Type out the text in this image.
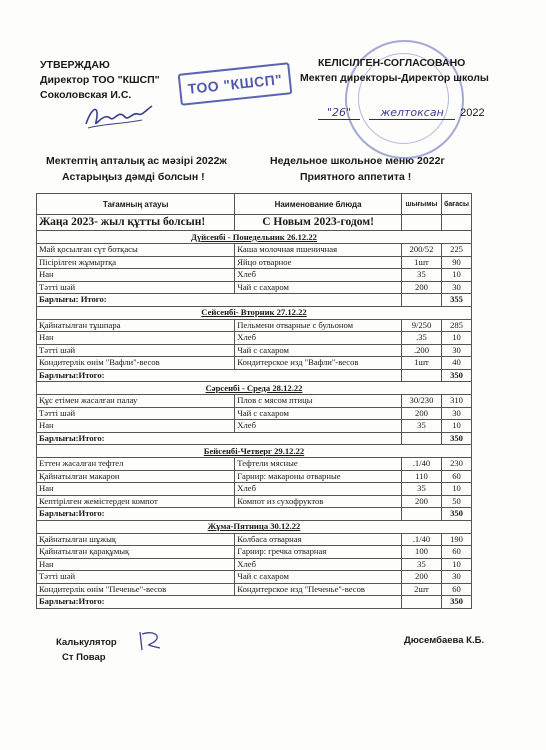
УТВЕРЖДАЮ
Директор ТОО "КШСП"
Соколовская И.С.	ТОО "КШСП"
КЕЛІСІЛГЕН-СОГЛАСОВАНО
Мектеп директоры-Директор школы
"26"	желтоксан 2022
Мектептің апталық ас мәзірі 2022ж
Астарыңыз дәмді болсын !
Недельное школьное меню 2022г
Приятного аппетита !
Тағамның атауы	Наименование блюда	шығымы	бағасы
Жаңа 2023- жыл құтты болсын!	С Новым 2023-годом!		
Дүйсенбі - Понедельник 26.12.22			
Май қосылған сүт ботқасы	Каша молочная пшеничная	200/52	225
Пісірілген жұмыртқа	Яйцо отварное	1шт	90
Нан	Хлеб	35	10
Тәтті шәй	Чай с сахаром	200	30
Барлығы: Итого:			355
Сейсенбі- Вторник 27.12.22			
Қайнатылған тұшпара	Пельмени отварные с бульоном	9/250	285
Нан	Хлеб	.35	10
Тәтті шәй	Чай с сахаром	.200	30
Кондитерлік өнім "Вафли"-весов	Кондитерское изд "Вафли"-весов	1шт	40
Барлығы:Итого:			350
Сәрсенбі - Среда 28.12.22			
Құс етімен жасалған палау	Плов с мясом птицы	30/230	310
Тәтті шәй	Чай с сахаром	200	30
Нан	Хлеб	35	10
Барлығы:Итого:			350
Бейсенбі-Четверг 29.12.22			
Еттен жасалған тефтел	Тефтели мясные	.1/40	230
Қайнатылған макарон	Гарнир: макароны отварные	110	60
Нан	Хлеб	35	10
Кептірілген жемістерден компот	Компот из сухофруктов	200	50
Барлығы:Итого:			350
Жұма-Пятница 30.12.22			
Қайнатылған шұжық	Колбаса отварная	.1/40	190
Қайнатылған қарақұмық	Гарнир: гречка отварная	100	60
Нан	Хлеб	35	10
Тәтті шәй	Чай с сахаром	200	30
Кондитерлік өнім "Печенье"-весов	Кондитерское изд "Печенье"-весов	2шт	60
Барлығы:Итого:			350
Калькулятор
Ст Повар
Дюсембаева К.Б.
